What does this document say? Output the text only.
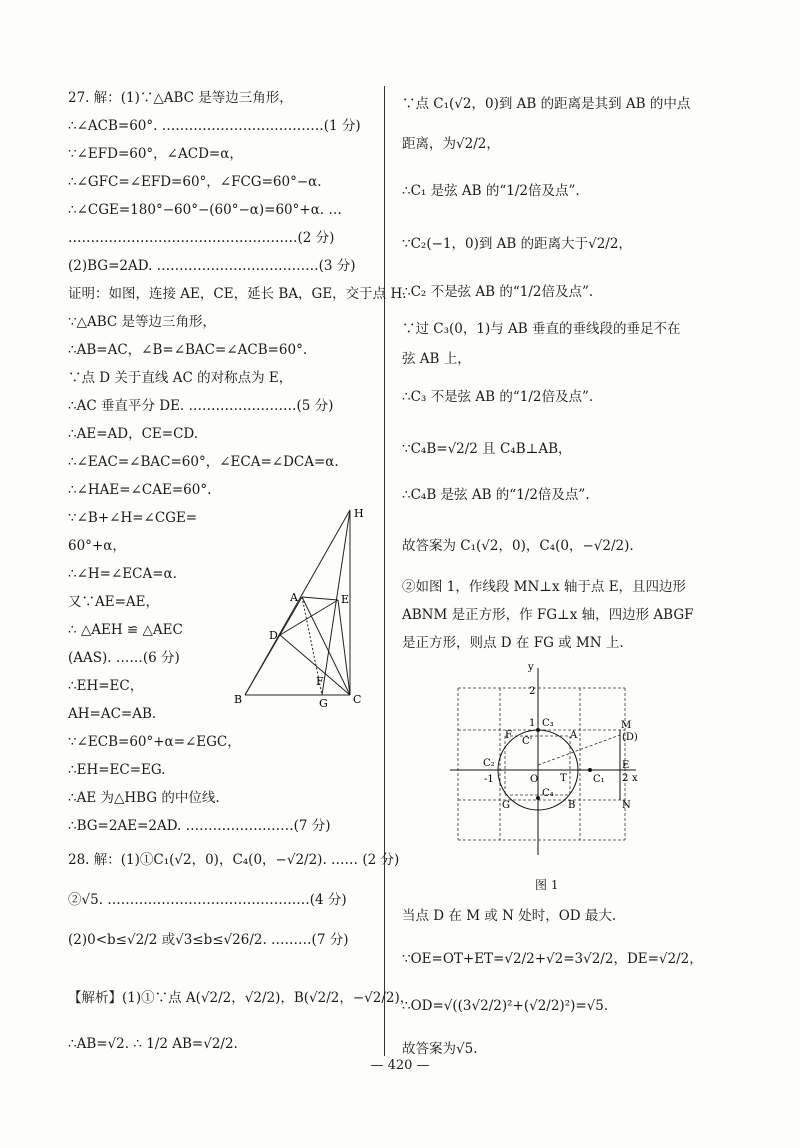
27. 解：(1)∵△ABC 是等边三角形，
∴∠ACB=60°. ………………………………(1 分)
∵∠EFD=60°，∠ACD=α，
∴∠GFC=∠EFD=60°，∠FCG=60°−α.
∴∠CGE=180°−60°−(60°−α)=60°+α. …
……………………………………………(2 分)
(2)BG=2AD. ………………………………(3 分)
证明：如图，连接 AE，CE，延长 BA，GE，交于点 H.
∵△ABC 是等边三角形，
∴AB=AC，∠B=∠BAC=∠ACB=60°.
∵点 D 关于直线 AC 的对称点为 E，
∴AC 垂直平分 DE. ……………………(5 分)
∴AE=AD，CE=CD.
∴∠EAC=∠BAC=60°，∠ECA=∠DCA=α.
∴∠HAE=∠CAE=60°.
∵∠B+∠H=∠CGE=
60°+α，
∴∠H=∠ECA=α.
又∵AE=AE，
∴ △AEH ≌ △AEC
(AAS). ……(6 分)
∴EH=EC，
AH=AC=AB.
∵∠ECB=60°+α=∠EGC，
∴EH=EC=EG.
∴AE 为△HBG 的中位线.
∴BG=2AE=2AD. ……………………(7 分)
28. 解：(1)①C₁(√2，0)，C₄(0，−√2/2). …… (2 分)
②√5. ………………………………………(4 分)
(2)0<b≤√2/2 或√3≤b≤√26/2. ………(7 分)
【解析】(1)①∵点 A(√2/2，√2/2)，B(√2/2，−√2/2)，
∴AB=√2. ∴ 1/2 AB=√2/2.
H
A	E
D
F
B	G C
∵点 C₁(√2，0)到 AB 的距离是其到 AB 的中点
距离，为√2/2，
∴C₁ 是弦 AB 的“1/2倍及点”.
∵C₂(−1，0)到 AB 的距离大于√2/2，
∴C₂ 不是弦 AB 的“1/2倍及点”.
∵过 C₃(0，1)与 AB 垂直的垂线段的垂足不在
弦 AB 上，
∴C₃ 不是弦 AB 的“1/2倍及点”.
∵C₄B=√2/2 且 C₄B⊥AB，
∴C₄B 是弦 AB 的“1/2倍及点”.
故答案为 C₁(√2，0)，C₄(0，−√2/2).
②如图 1，作线段 MN⊥x 轴于点 E，且四边形
ABNM 是正方形，作 FG⊥x 轴，四边形 ABGF
是正方形，则点 D 在 FG 或 MN 上.
当点 D 在 M 或 N 处时，OD 最大.
∵OE=OT+ET=√2/2+√2=3√2/2，DE=√2/2，
∴OD=√((3√2/2)²+(√2/2)²)=√5.
故答案为√5.
y
2
1 C₃
A
M
(D)
F
C'
C₂
-1	O T	C₁
E
2 x
C₄
G	B	N
图 1
— 420 —
